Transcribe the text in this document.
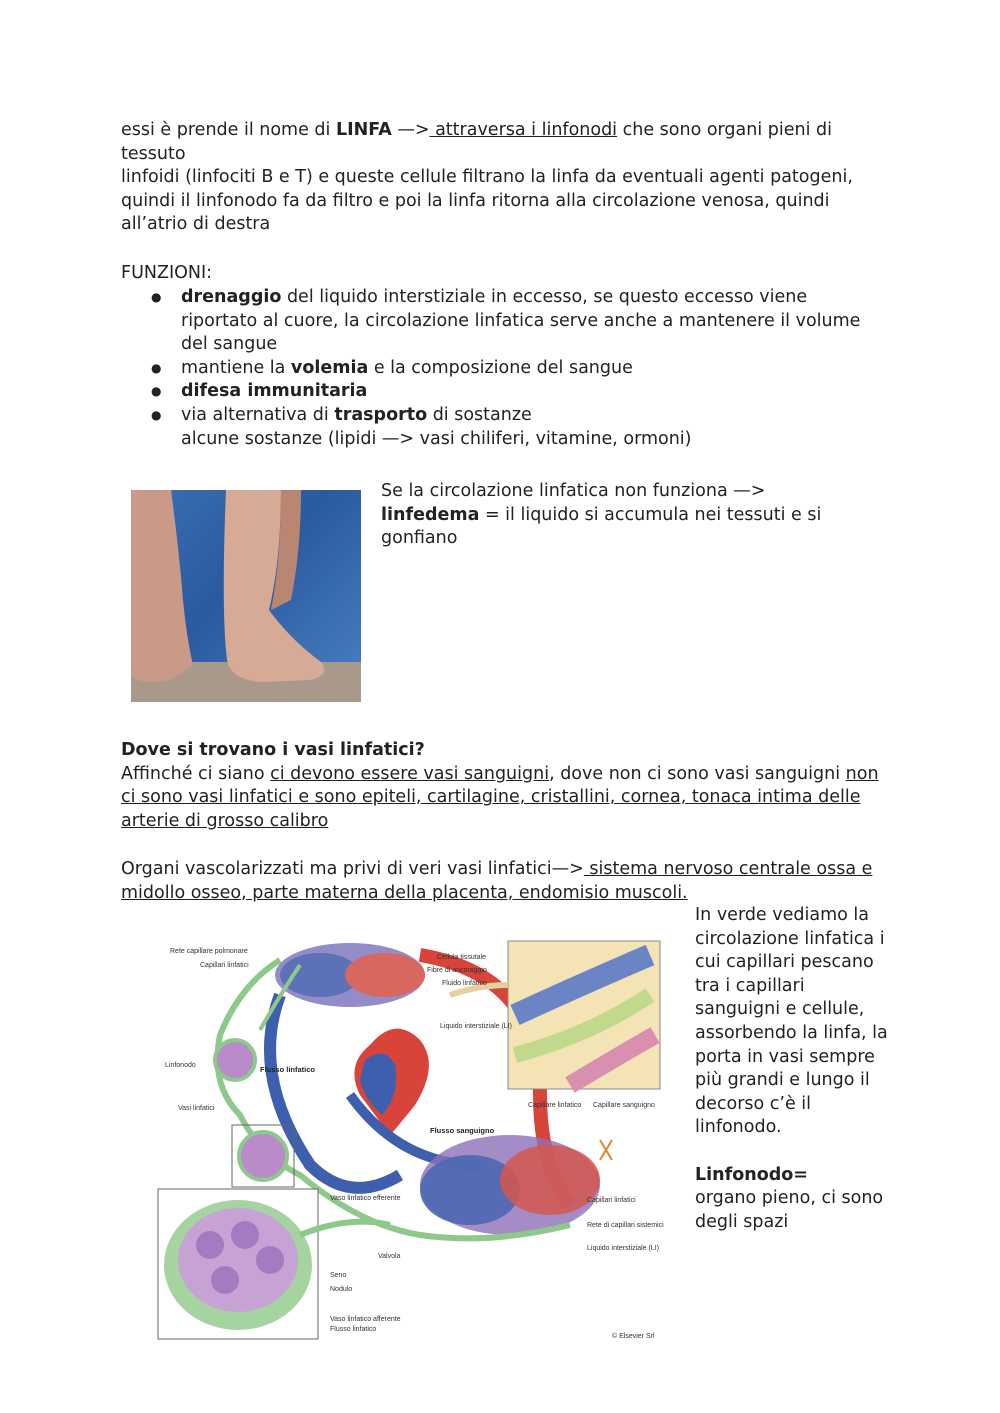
essi è prende il nome di LINFA —> attraversa i linfonodi che sono organi pieni di tessuto
linfoidi (linfociti B e T) e queste cellule filtrano la linfa da eventuali agenti patogeni, quindi il linfonodo fa da filtro e poi la linfa ritorna alla circolazione venosa, quindi all’atrio di destra

FUNZIONI:

● drenaggio del liquido interstiziale in eccesso, se questo eccesso viene riportato al cuore, la circolazione linfatica serve anche a mantenere il volume del sangue
● mantiene la volemia e la composizione del sangue
● difesa immunitaria
● via alternativa di trasporto di sostanze
alcune sostanze (lipidi —> vasi chiliferi, vitamine, ormoni)

Se la circolazione linfatica non funziona —>
linfedema = il liquido si accumula nei tessuti e si gonfiano

Dove si trovano i vasi linfatici?
Affinché ci siano ci devono essere vasi sanguigni, dove non ci sono vasi sanguigni non ci sono vasi linfatici e sono epiteli, cartilagine, cristallini, cornea, tonaca intima delle arterie di grosso calibro

Organi vascolarizzati ma privi di veri vasi linfatici—> sistema nervoso centrale ossa e midollo osseo, parte materna della placenta, endomisio muscoli.

Rete capillare polmonare
Capillari linfatici
Linfonodo	Flusso linfatico
Vasi linfatici
Flusso sanguigno
Cellula tissutale
Fibre di ancoraggio
Fluido linfatico
Liquido interstiziale (LI)
Capillare linfatico Capillare sanguigno
Capillari linfatici
Rete di capillari sistemici
Liquido interstiziale (LI)
Vaso linfatico efferente
Valvola
Seno
Nodulo
Vaso linfatico afferente
Flusso linfatico
© Elsevier Srl
In verde vediamo la circolazione linfatica i cui capillari pescano tra i capillari sanguigni e cellule, assorbendo la linfa, la porta in vasi sempre più grandi e lungo il decorso c’è il linfonodo.
Linfonodo=
organo pieno, ci sono degli spazi
